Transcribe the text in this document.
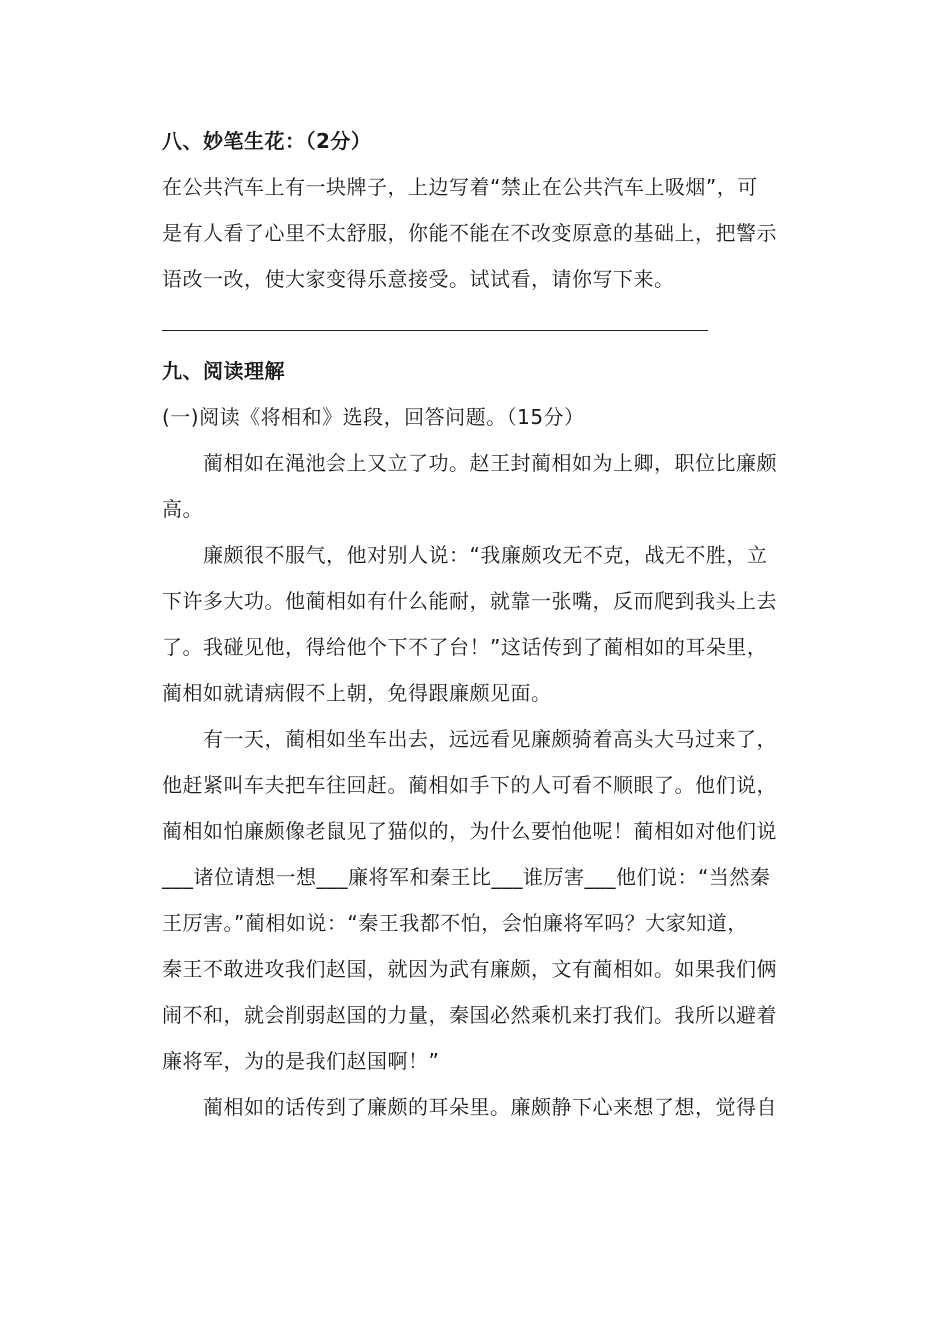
八、妙笔生花：（2分）
在公共汽车上有一块牌子，上边写着“禁止在公共汽车上吸烟”，可
是有人看了心里不太舒服，你能不能在不改变原意的基础上，把警示
语改一改，使大家变得乐意接受。试试看，请你写下来。
九、阅读理解
(一)阅读《将相和》选段，回答问题。（15分）
蔺相如在渑池会上又立了功。赵王封蔺相如为上卿，职位比廉颇
高。
廉颇很不服气，他对别人说：“我廉颇攻无不克，战无不胜，立
下许多大功。他蔺相如有什么能耐，就靠一张嘴，反而爬到我头上去
了。我碰见他，得给他个下不了台！”这话传到了蔺相如的耳朵里，
蔺相如就请病假不上朝，免得跟廉颇见面。
有一天，蔺相如坐车出去，远远看见廉颇骑着高头大马过来了，
他赶紧叫车夫把车往回赶。蔺相如手下的人可看不顺眼了。他们说，
蔺相如怕廉颇像老鼠见了猫似的，为什么要怕他呢！蔺相如对他们说
___诸位请想一想___廉将军和秦王比___谁厉害___他们说：“当然秦
王厉害。”蔺相如说：“秦王我都不怕，会怕廉将军吗？大家知道，
秦王不敢进攻我们赵国，就因为武有廉颇，文有蔺相如。如果我们俩
闹不和，就会削弱赵国的力量，秦国必然乘机来打我们。我所以避着
廉将军，为的是我们赵国啊！”
蔺相如的话传到了廉颇的耳朵里。廉颇静下心来想了想，觉得自
